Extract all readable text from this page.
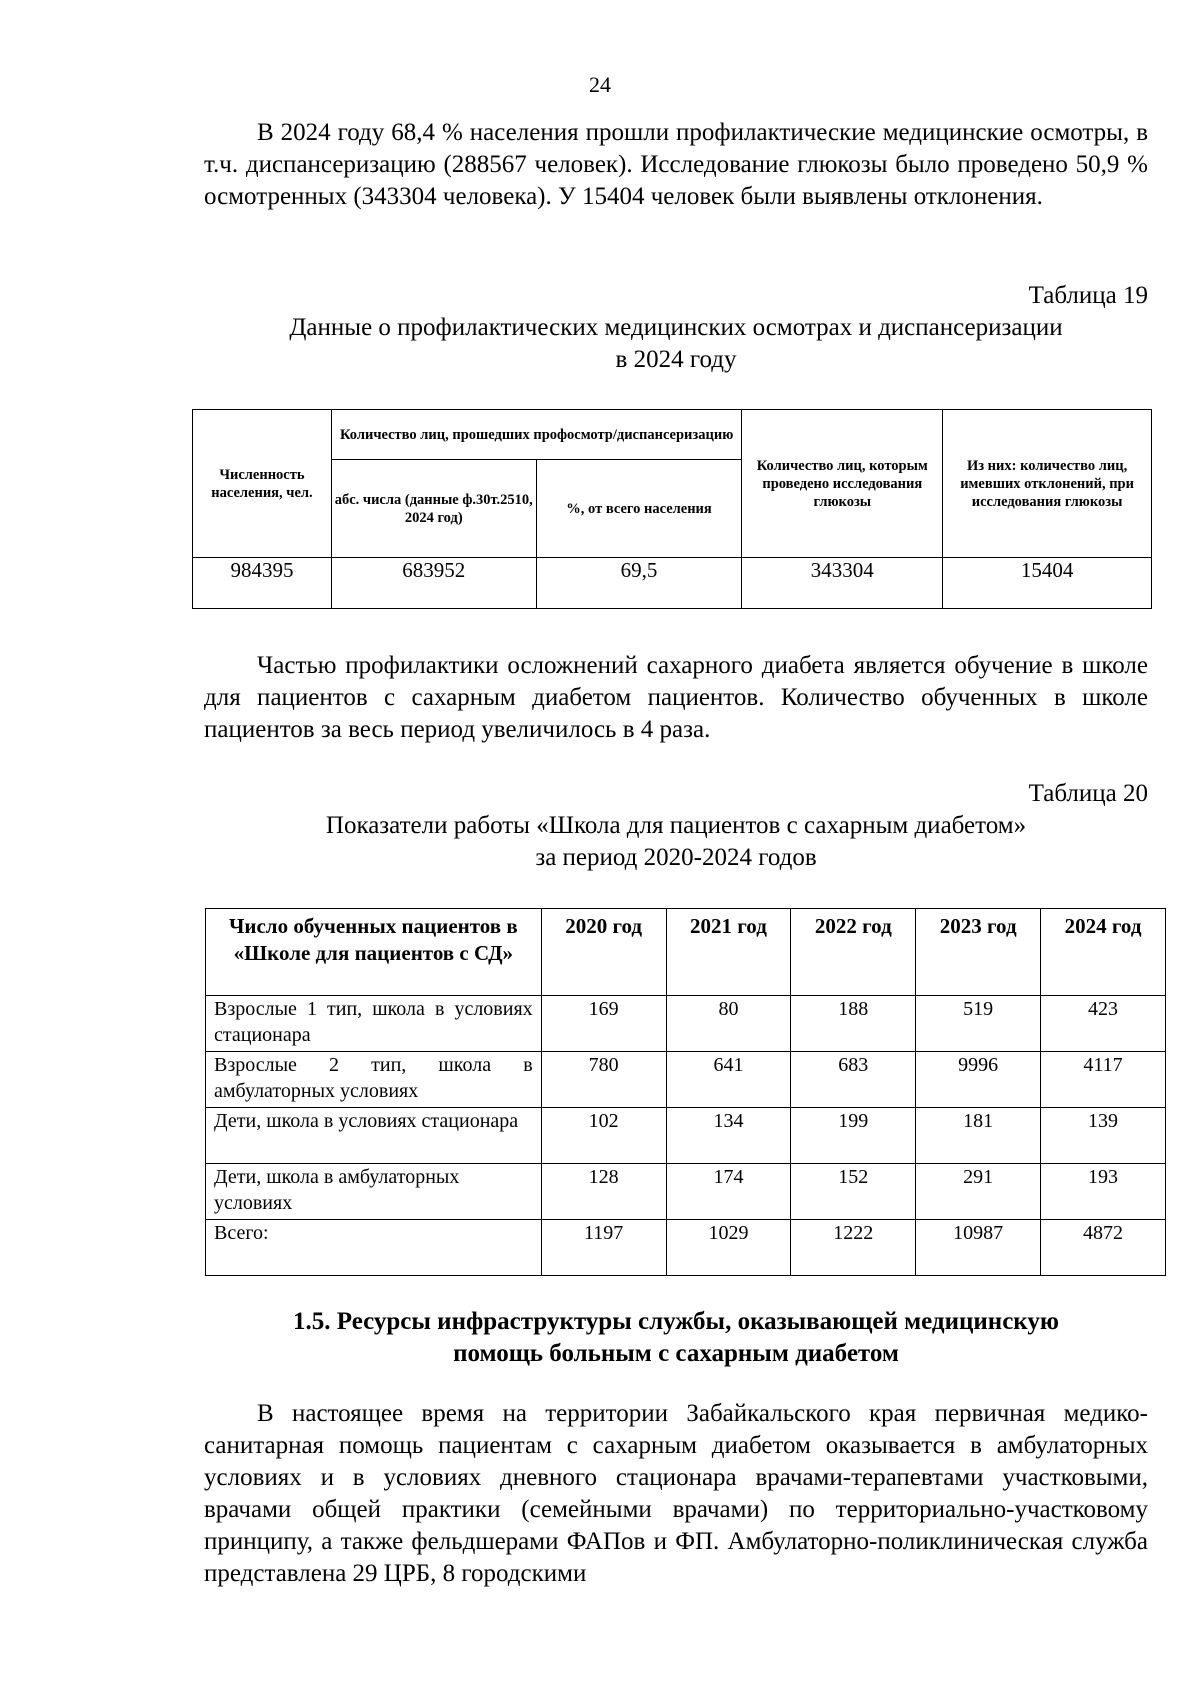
24

В 2024 году 68,4 % населения прошли профилактические медицинские осмотры, в т.ч. диспансеризацию (288567 человек). Исследование глюкозы было проведено 50,9 % осмотренных (343304 человека). У 15404 человек были выявлены отклонения.

Таблица 19

Данные о профилактических медицинских осмотрах и диспансеризации

в 2024 году

Численность населения, чел.	Количество лиц, прошедших профосмотр/диспансеризацию		Количество лиц, которым проведено исследования глюкозы	Из них: количество лиц, имевших отклонений, при исследования глюкозы
	абс. числа (данные ф.30т.2510, 2024 год)	%, от всего населения		
984395	683952	69,5	343304	15404

Частью профилактики осложнений сахарного диабета является обучение в школе для пациентов с сахарным диабетом пациентов. Количество обученных в школе пациентов за весь период увеличилось в 4 раза.

Таблица 20

Показатели работы «Школа для пациентов с сахарным диабетом»

за период 2020-2024 годов

Число обученных пациентов в «Школе для пациентов с СД»	2020 год	2021 год	2022 год	2023 год	2024 год
Взрослые 1 тип, школа в условиях стационара	169	80	188	519	423
Взрослые 2 тип, школа в амбулаторных условиях	780	641	683	9996	4117
Дети, школа в условиях стационара	102	134	199	181	139
Дети, школа в амбулаторных условиях	128	174	152	291	193
Всего:	1197	1029	1222	10987	4872

1.5. Ресурсы инфраструктуры службы, оказывающей медицинскую

помощь больным с сахарным диабетом

В настоящее время на территории Забайкальского края первичная медико-санитарная помощь пациентам с сахарным диабетом оказывается в амбулаторных условиях и в условиях дневного стационара врачами-терапевтами участковыми, врачами общей практики (семейными врачами) по территориально-участковому принципу, а также фельдшерами ФАПов и ФП. Амбулаторно-поликлиническая служба представлена 29 ЦРБ, 8 городскими
